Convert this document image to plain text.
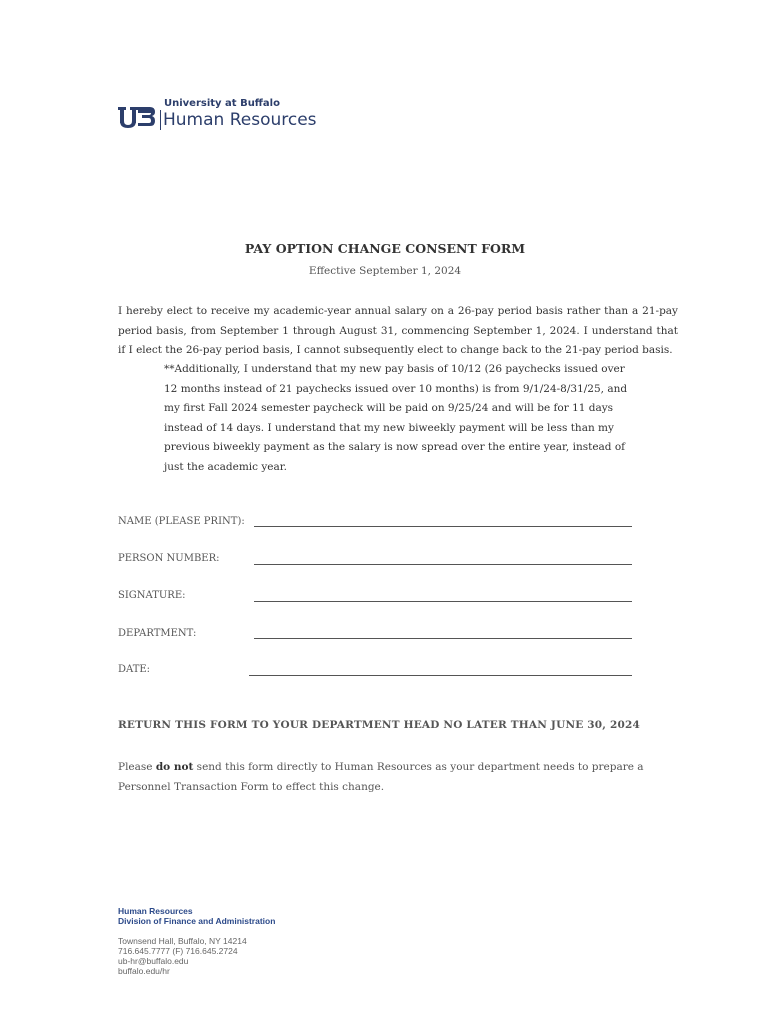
University at Buffalo
Human Resources
PAY OPTION CHANGE CONSENT FORM
Effective September 1, 2024
I hereby elect to receive my academic-year annual salary on a 26-pay period basis rather than a 21-pay period basis, from September 1 through August 31, commencing September 1, 2024. I understand that if I elect the 26-pay period basis, I cannot subsequently elect to change back to the 21-pay period basis.
**Additionally, I understand that my new pay basis of 10/12 (26 paychecks issued over 12 months instead of 21 paychecks issued over 10 months) is from 9/1/24-8/31/25, and my first Fall 2024 semester paycheck will be paid on 9/25/24 and will be for 11 days instead of 14 days. I understand that my new biweekly payment will be less than my previous biweekly payment as the salary is now spread over the entire year, instead of just the academic year.
NAME (PLEASE PRINT):
PERSON NUMBER:
SIGNATURE:
DEPARTMENT:
DATE:
RETURN THIS FORM TO YOUR DEPARTMENT HEAD NO LATER THAN JUNE 30, 2024
Please do not send this form directly to Human Resources as your department needs to prepare a Personnel Transaction Form to effect this change.
Human Resources
Division of Finance and Administration
Townsend Hall, Buffalo, NY 14214
716.645.7777 (F) 716.645.2724
ub-hr@buffalo.edu
buffalo.edu/hr
